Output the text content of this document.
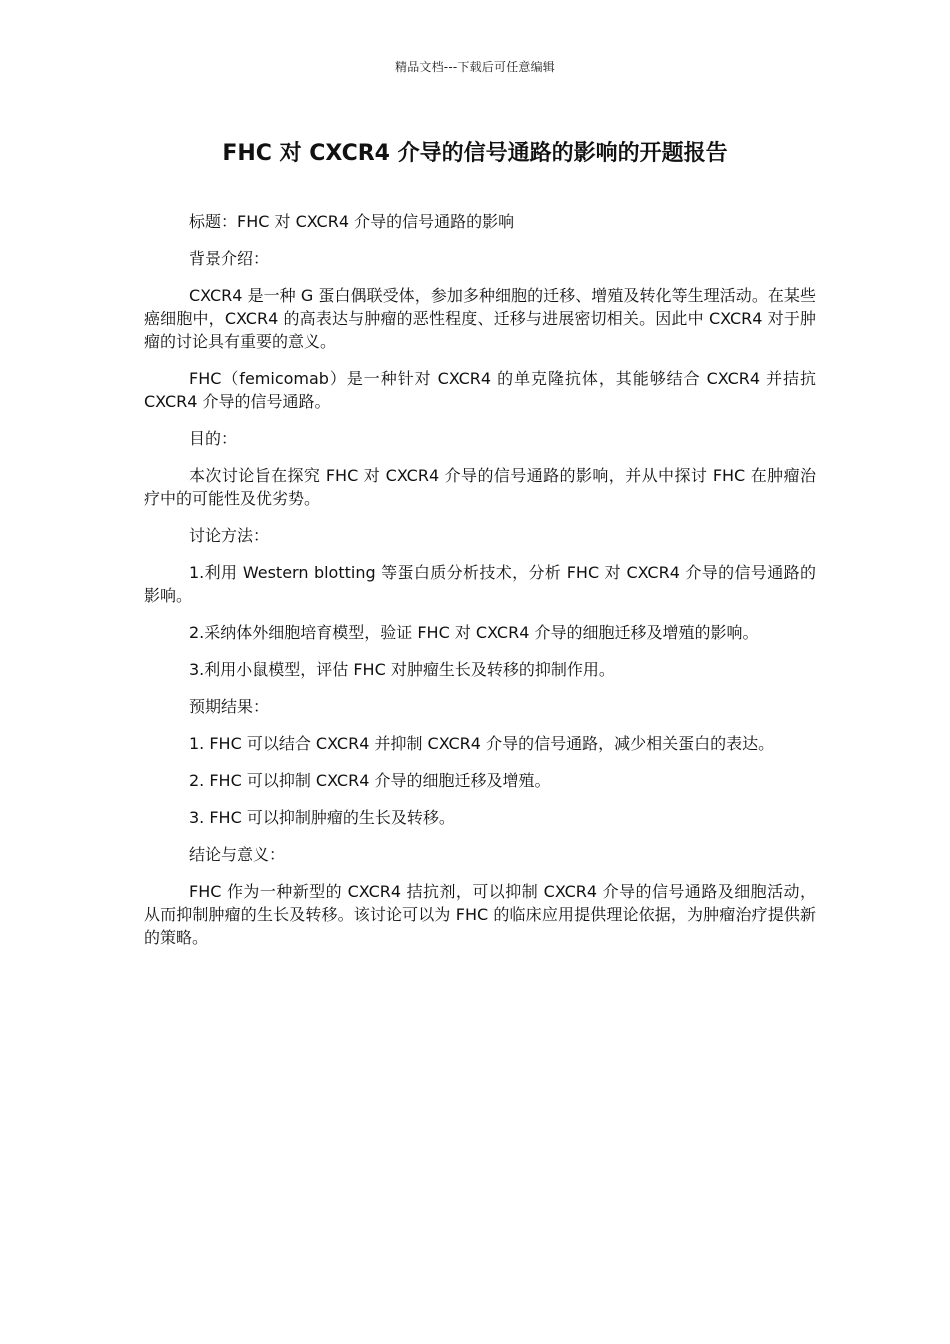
精品文档---下载后可任意编辑
FHC 对 CXCR4 介导的信号通路的影响的开题报告

标题：FHC 对 CXCR4 介导的信号通路的影响

背景介绍：

CXCR4 是一种 G 蛋白偶联受体，参加多种细胞的迁移、增殖及转化等生理活动。在某些癌细胞中，CXCR4 的高表达与肿瘤的恶性程度、迁移与进展密切相关。因此中 CXCR4 对于肿瘤的讨论具有重要的意义。

FHC（femicomab）是一种针对 CXCR4 的单克隆抗体，其能够结合 CXCR4 并拮抗 CXCR4 介导的信号通路。

目的：

本次讨论旨在探究 FHC 对 CXCR4 介导的信号通路的影响，并从中探讨 FHC 在肿瘤治疗中的可能性及优劣势。

讨论方法：

1.利用 Western blotting 等蛋白质分析技术，分析 FHC 对 CXCR4 介导的信号通路的影响。

2.采纳体外细胞培育模型，验证 FHC 对 CXCR4 介导的细胞迁移及增殖的影响。

3.利用小鼠模型，评估 FHC 对肿瘤生长及转移的抑制作用。

预期结果：

1. FHC 可以结合 CXCR4 并抑制 CXCR4 介导的信号通路，减少相关蛋白的表达。

2. FHC 可以抑制 CXCR4 介导的细胞迁移及增殖。

3. FHC 可以抑制肿瘤的生长及转移。

结论与意义：

FHC 作为一种新型的 CXCR4 拮抗剂，可以抑制 CXCR4 介导的信号通路及细胞活动，从而抑制肿瘤的生长及转移。该讨论可以为 FHC 的临床应用提供理论依据，为肿瘤治疗提供新的策略。
